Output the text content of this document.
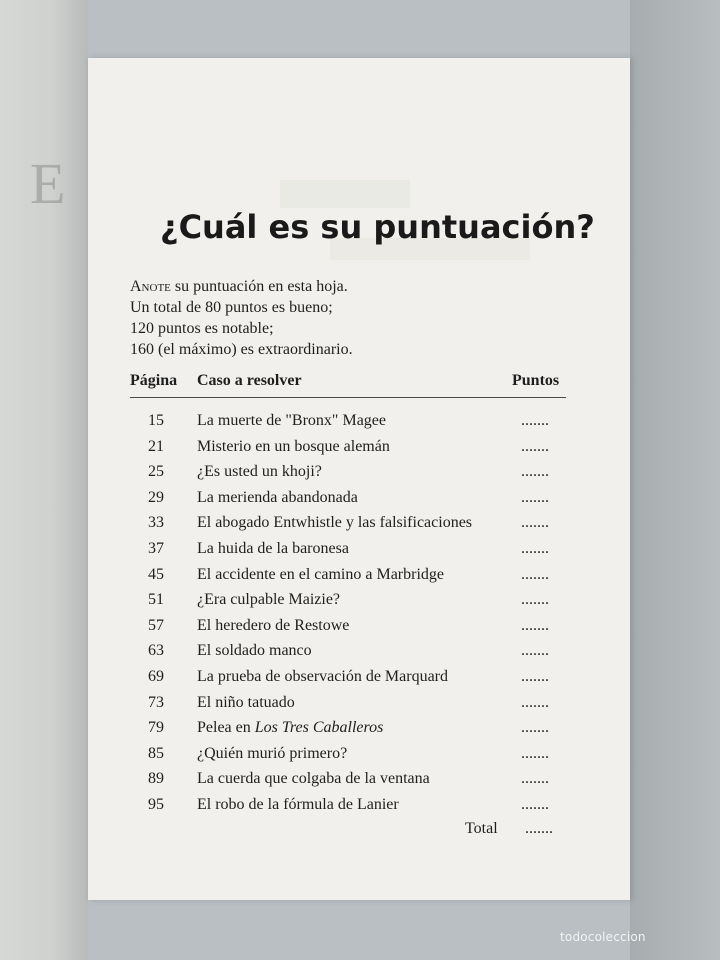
E
¿Cuál es su puntuación?
Anote su puntuación en esta hoja.
Un total de 80 puntos es bueno;
120 puntos es notable;
160 (el máximo) es extraordinario.
Página Caso a resolver	Puntos
15 La muerte de "Bronx" Magee	.......
21 Misterio en un bosque alemán	.......
25 ¿Es usted un khoji?	.......
29 La merienda abandonada	.......
33 El abogado Entwhistle y las falsificaciones	.......
37 La huida de la baronesa	.......
45 El accidente en el camino a Marbridge	.......
51 ¿Era culpable Maizie?	.......
57 El heredero de Restowe	.......
63 El soldado manco	.......
69 La prueba de observación de Marquard	.......
73 El niño tatuado	.......
79 Pelea en Los Tres Caballeros	.......
85 ¿Quién murió primero?	.......
89 La cuerda que colgaba de la ventana	.......
95 El robo de la fórmula de Lanier	.......
Total .......
todocoleccion
